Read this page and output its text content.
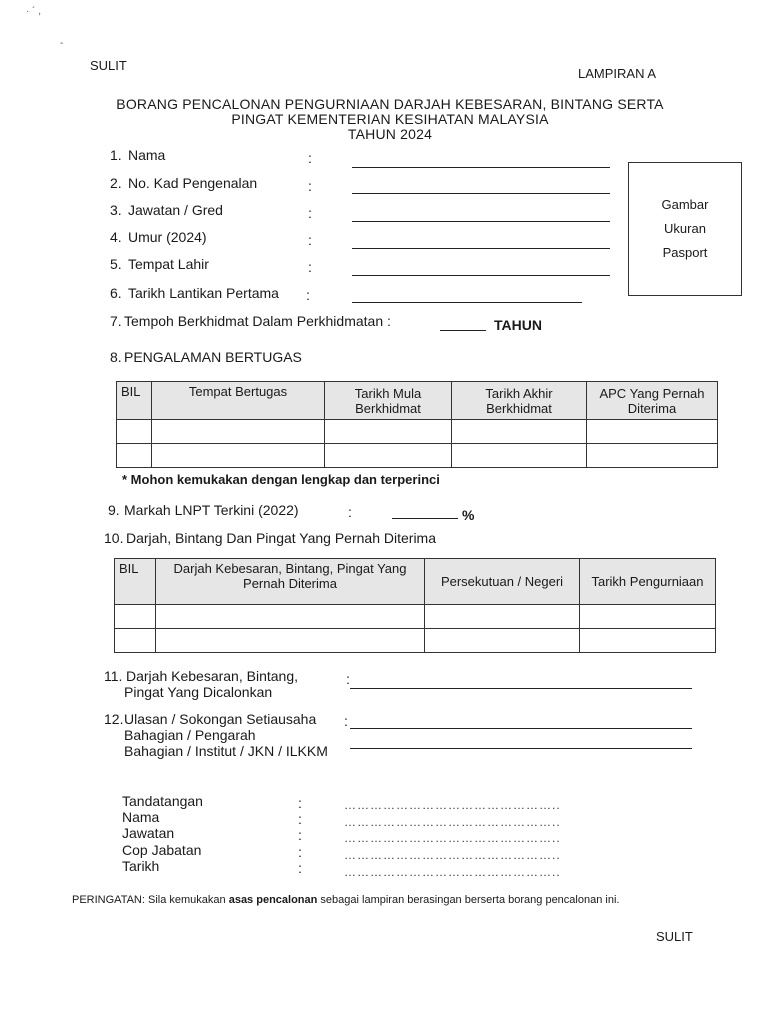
· ´ ,
-
SULIT
LAMPIRAN A
BORANG PENCALONAN PENGURNIAAN DARJAH KEBESARAN, BINTANG SERTA
PINGAT KEMENTERIAN KESIHATAN MALAYSIA
TAHUN 2024
1. Nama	:
2. No. Kad Pengenalan	:
3. Jawatan / Gred	:
4. Umur (2024)	:
5. Tempat Lahir	:
6. Tarikh Lantikan Pertama :
Gambar
Ukuran
Pasport
7. Tempoh Berkhidmat Dalam Perkhidmatan :	TAHUN
8. PENGALAMAN BERTUGAS
BIL	Tempat Bertugas	Tarikh Mula Berkhidmat	Tarikh Akhir Berkhidmat	APC Yang Pernah Diterima

* Mohon kemukakan dengan lengkap dan terperinci
9. Markah LNPT Terkini (2022)	:	%
10. Darjah, Bintang Dan Pingat Yang Pernah Diterima
BIL	Darjah Kebesaran, Bintang, Pingat Yang Pernah Diterima	Persekutuan / Negeri	Tarikh Pengurniaan

11. Darjah Kebesaran, Bintang,
Pingat Yang Dicalonkan
:
12. Ulasan / Sokongan Setiausaha
Bahagian / Pengarah
Bahagian / Institut / JKN / ILKKM
:
Tandatangan	:	…………………………………………..
Nama	:	…………………………………………..
Jawatan	:	…………………………………………..
Cop Jabatan	:	…………………………………………..
Tarikh	:	…………………………………………..
PERINGATAN: Sila kemukakan asas pencalonan sebagai lampiran berasingan berserta borang pencalonan ini.
SULIT
